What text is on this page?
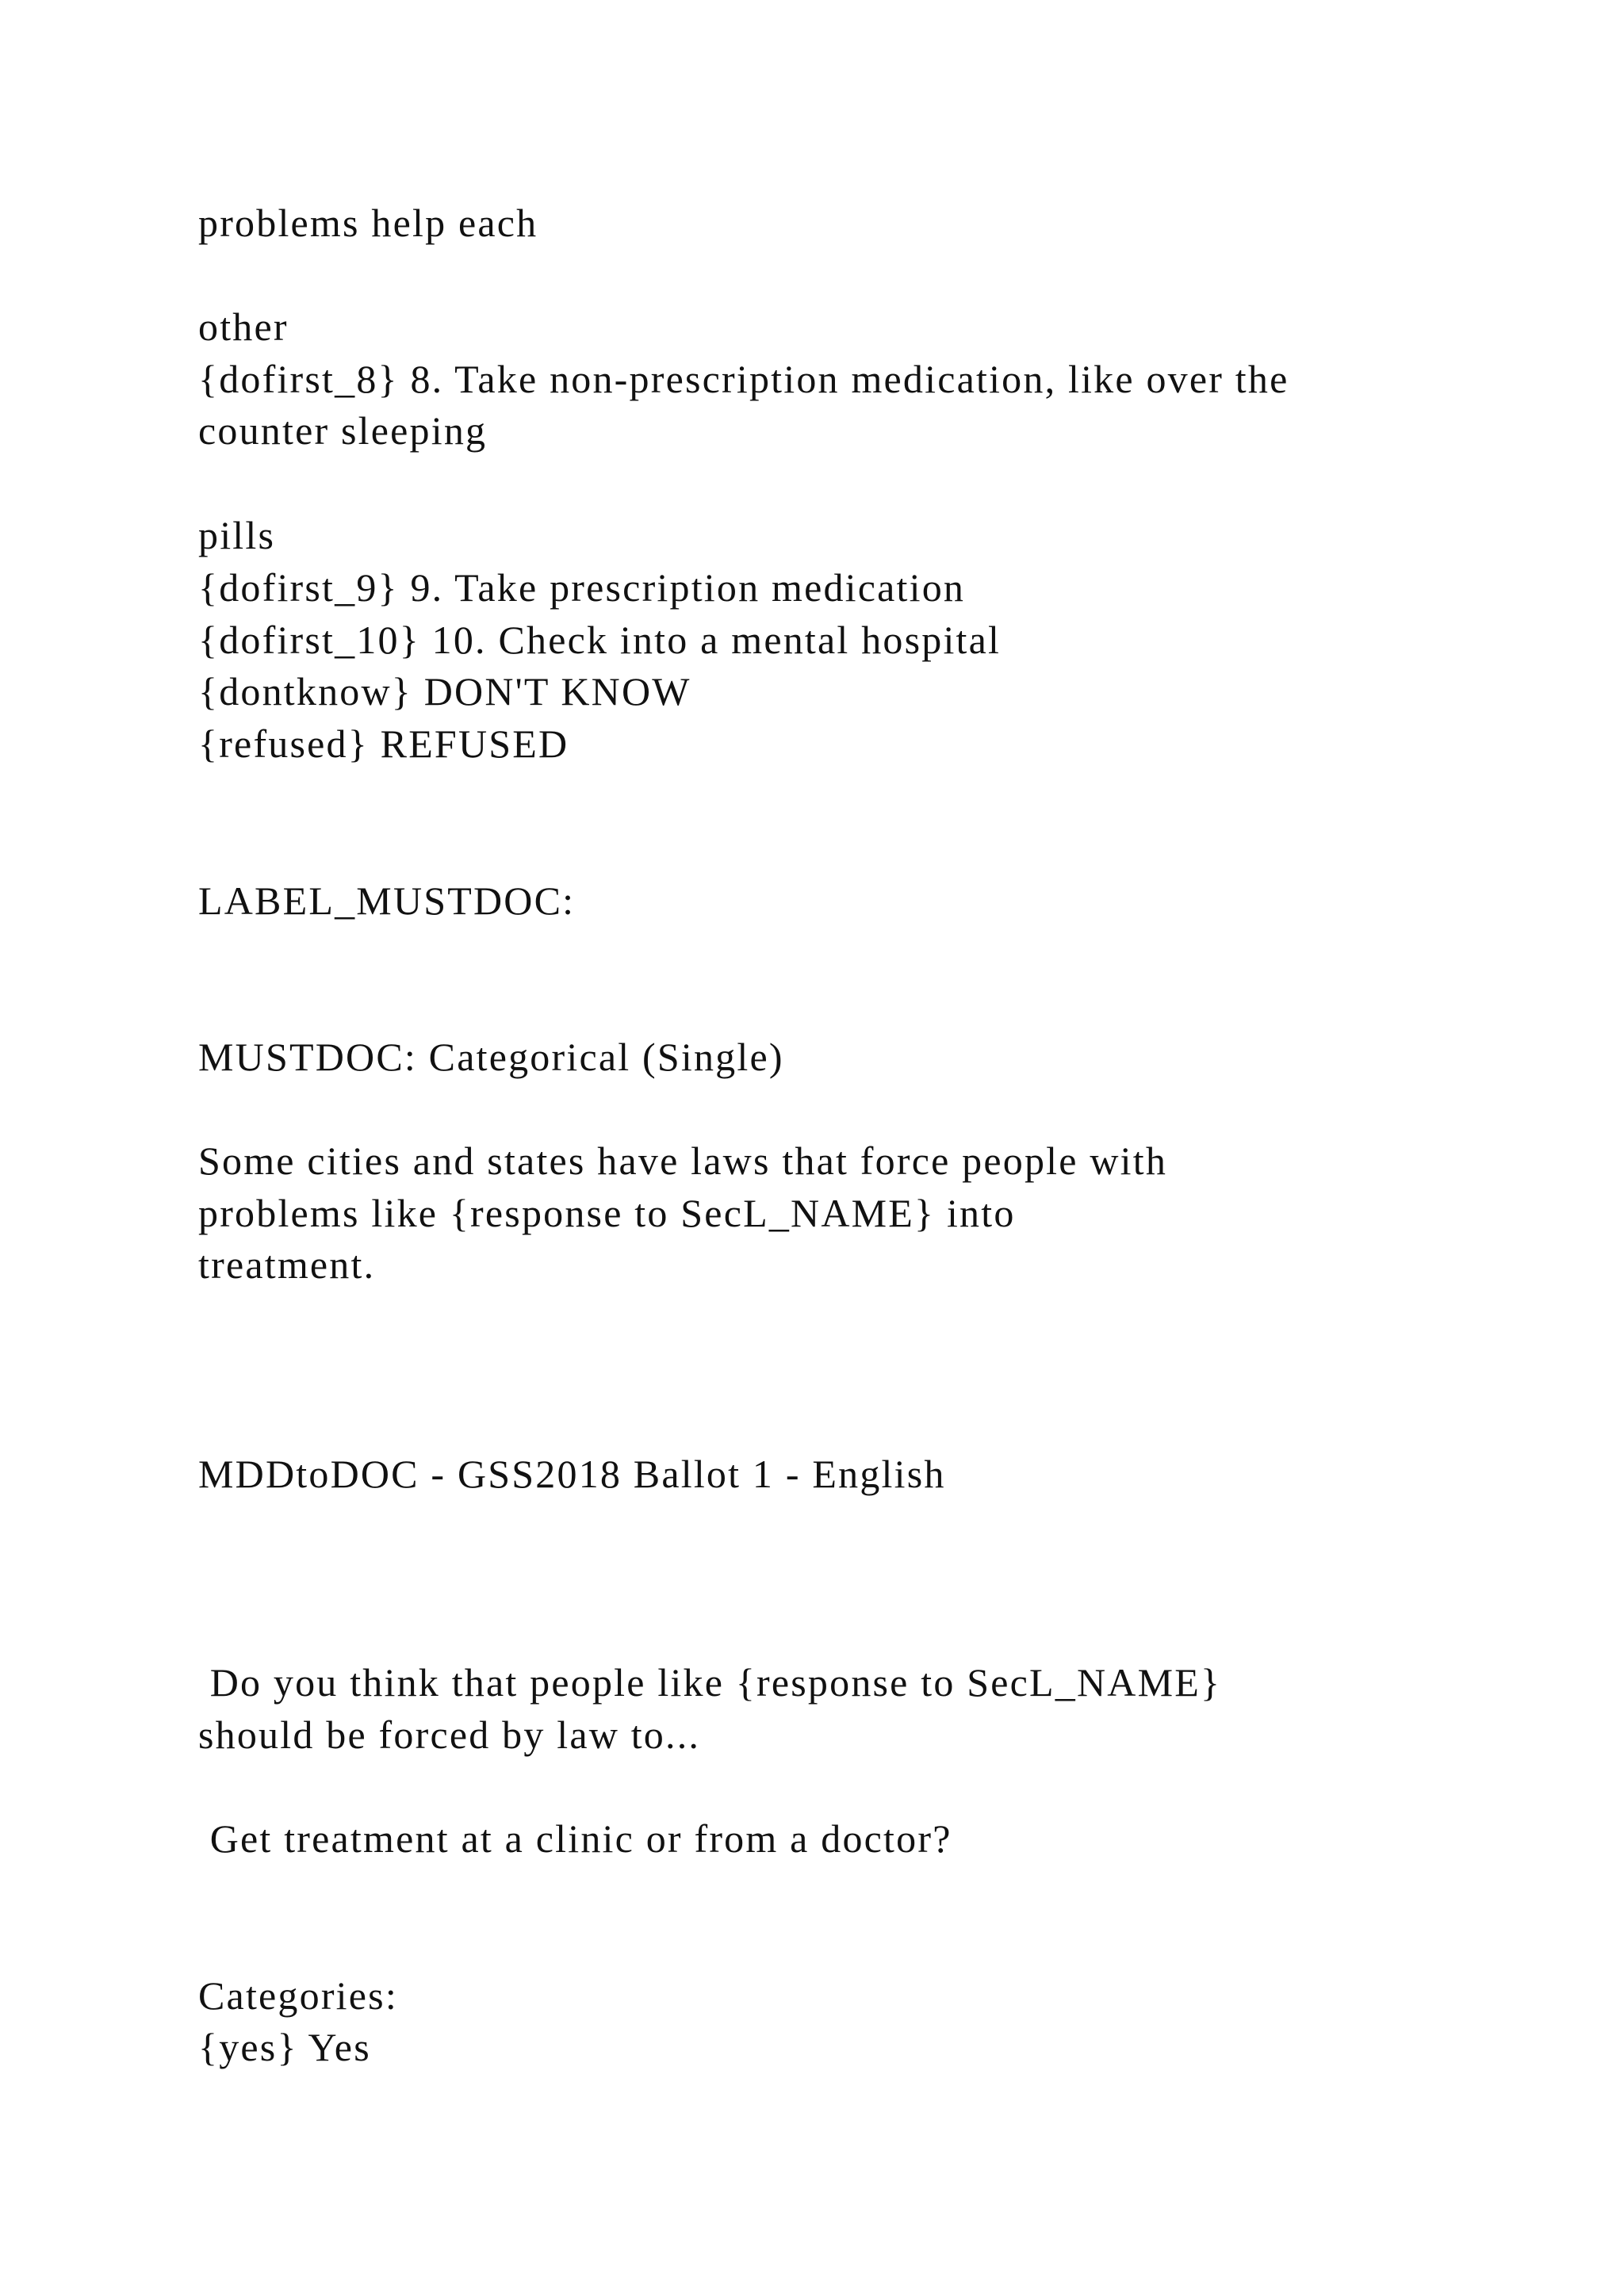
problems help each

other

{dofirst_8} 8. Take non-prescription medication, like over the

counter sleeping

pills

{dofirst_9} 9. Take prescription medication

{dofirst_10} 10. Check into a mental hospital

{dontknow} DON'T KNOW

{refused} REFUSED

LABEL_MUSTDOC:

MUSTDOC: Categorical (Single)

Some cities and states have laws that force people with

problems like {response to SecL_NAME} into

treatment.

MDDtoDOC - GSS2018 Ballot 1 - English

Do you think that people like {response to SecL_NAME}

should be forced by law to...

Get treatment at a clinic or from a doctor?

Categories:

{yes} Yes
